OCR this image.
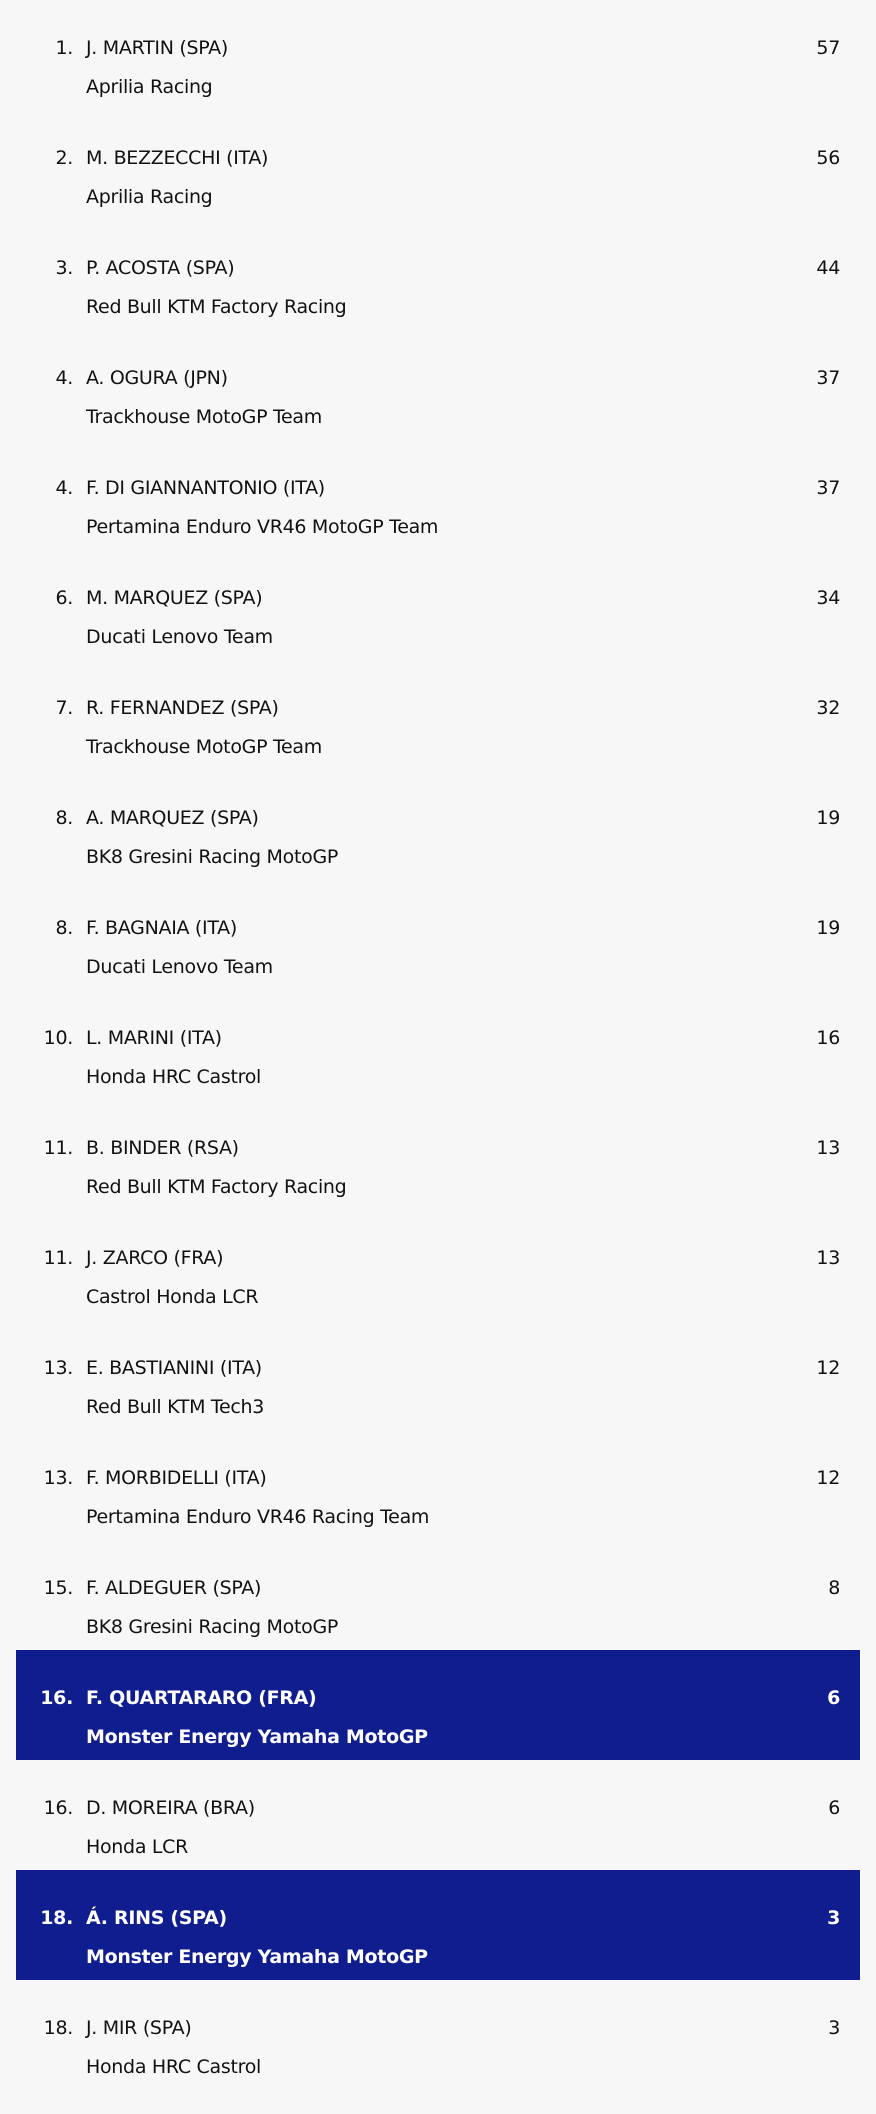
1. J. MARTIN (SPA)
Aprilia Racing
57
2. M. BEZZECCHI (ITA)
Aprilia Racing
56
3. P. ACOSTA (SPA)
Red Bull KTM Factory Racing
44
4. A. OGURA (JPN)
Trackhouse MotoGP Team
37
4. F. DI GIANNANTONIO (ITA)
Pertamina Enduro VR46 MotoGP Team
37
6. M. MARQUEZ (SPA)
Ducati Lenovo Team
34
7. R. FERNANDEZ (SPA)
Trackhouse MotoGP Team
32
8. A. MARQUEZ (SPA)
BK8 Gresini Racing MotoGP
19
8. F. BAGNAIA (ITA)
Ducati Lenovo Team
19
10. L. MARINI (ITA)
Honda HRC Castrol
16
11. B. BINDER (RSA)
Red Bull KTM Factory Racing
13
11. J. ZARCO (FRA)
Castrol Honda LCR
13
13. E. BASTIANINI (ITA)
Red Bull KTM Tech3
12
13. F. MORBIDELLI (ITA)
Pertamina Enduro VR46 Racing Team
12
15. F. ALDEGUER (SPA)
BK8 Gresini Racing MotoGP
8
16. F. QUARTARARO (FRA)
Monster Energy Yamaha MotoGP
6
16. D. MOREIRA (BRA)
Honda LCR
6
18. Á. RINS (SPA)
Monster Energy Yamaha MotoGP
3
18. J. MIR (SPA)
Honda HRC Castrol
3
